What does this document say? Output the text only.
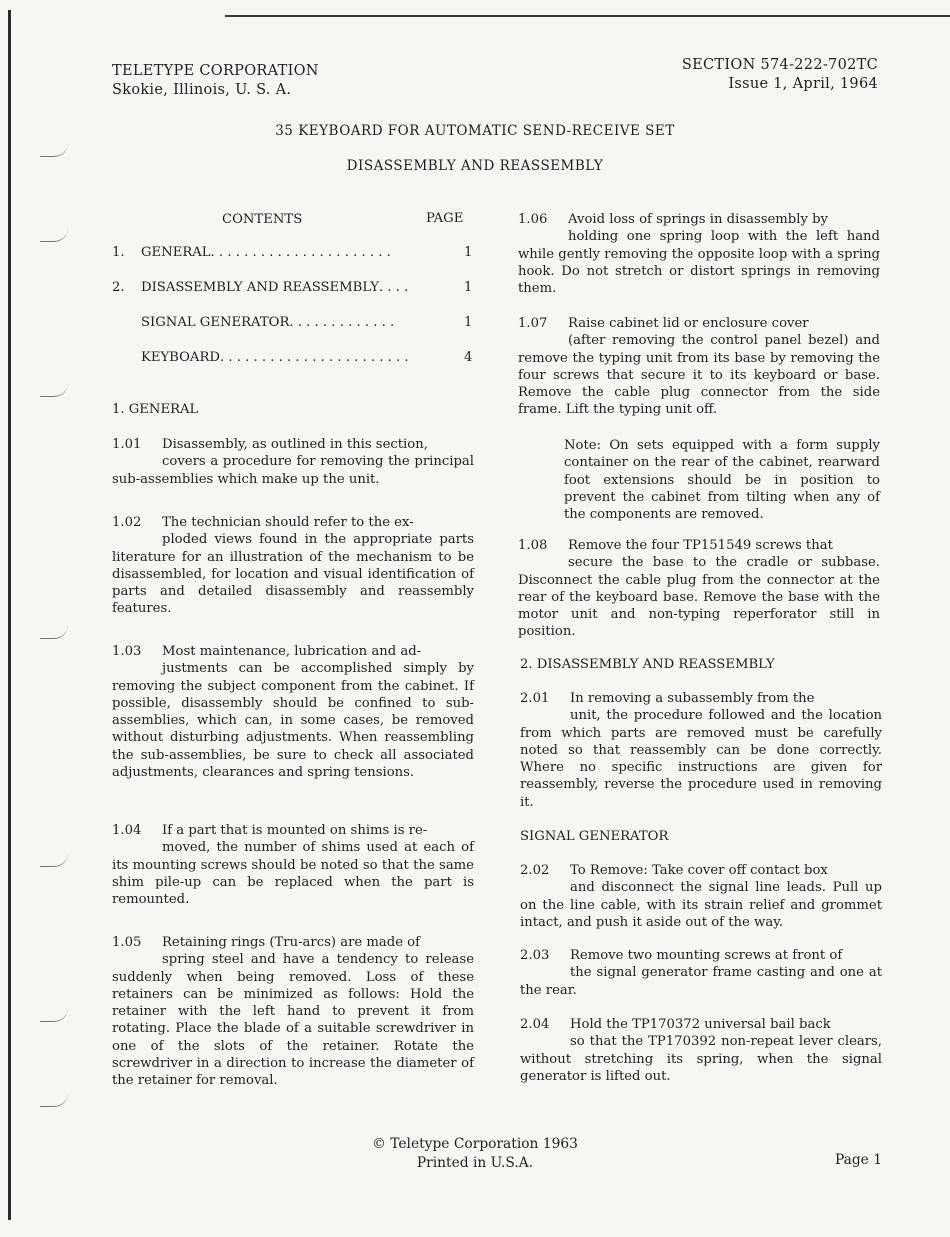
TELETYPE CORPORATION
Skokie, Illinois, U. S. A.
SECTION 574-222-702TC
Issue 1, April, 1964
35 KEYBOARD FOR AUTOMATIC SEND-RECEIVE SET
DISASSEMBLY AND REASSEMBLY
CONTENTS	PAGE
1. GENERAL. . . . . . . . . . . . . . . . . . . . . .	1
2. DISASSEMBLY AND REASSEMBLY. . . .	1
SIGNAL GENERATOR. . . . . . . . . . . . .	1
KEYBOARD. . . . . . . . . . . . . . . . . . . . . . .	4
1. GENERAL

1.01 Disassembly, as outlined in this section,

covers a procedure for removing the principal sub-assemblies which make up the unit.

1.02 The technician should refer to the ex-

ploded views found in the appropriate parts literature for an illustration of the mechanism to be disassembled, for location and visual identification of parts and detailed disassembly and reassembly features.

1.03 Most maintenance, lubrication and ad-

justments can be accomplished simply by removing the subject component from the cabinet. If possible, disassembly should be confined to sub-assemblies, which can, in some cases, be removed without disturbing adjustments. When reassembling the sub-assemblies, be sure to check all associated adjustments, clearances and spring tensions.

1.04 If a part that is mounted on shims is re-

moved, the number of shims used at each of its mounting screws should be noted so that the same shim pile-up can be replaced when the part is remounted.

1.05 Retaining rings (Tru-arcs) are made of

spring steel and have a tendency to release suddenly when being removed. Loss of these retainers can be minimized as follows: Hold the retainer with the left hand to prevent it from rotating. Place the blade of a suitable screwdriver in one of the slots of the retainer. Rotate the screwdriver in a direction to increase the diameter of the retainer for removal.

1.06 Avoid loss of springs in disassembly by

holding one spring loop with the left hand while gently removing the opposite loop with a spring hook. Do not stretch or distort springs in removing them.

1.07 Raise cabinet lid or enclosure cover

(after removing the control panel bezel) and remove the typing unit from its base by removing the four screws that secure it to its keyboard or base. Remove the cable plug connector from the side frame. Lift the typing unit off.

Note: On sets equipped with a form supply container on the rear of the cabinet, rearward foot extensions should be in position to prevent the cabinet from tilting when any of the components are removed.

1.08 Remove the four TP151549 screws that

secure the base to the cradle or subbase. Disconnect the cable plug from the connector at the rear of the keyboard base. Remove the base with the motor unit and non-typing reperforator still in position.

2. DISASSEMBLY AND REASSEMBLY

2.01 In removing a subassembly from the

unit, the procedure followed and the location from which parts are removed must be carefully noted so that reassembly can be done correctly. Where no specific instructions are given for reassembly, reverse the procedure used in removing it.

SIGNAL GENERATOR

2.02 To Remove: Take cover off contact box

and disconnect the signal line leads. Pull up on the line cable, with its strain relief and grommet intact, and push it aside out of the way.

2.03 Remove two mounting screws at front of

the signal generator frame casting and one at the rear.

2.04 Hold the TP170372 universal bail back

so that the TP170392 non-repeat lever clears, without stretching its spring, when the signal generator is lifted out.

© Teletype Corporation 1963
Printed in U.S.A.	Page 1
